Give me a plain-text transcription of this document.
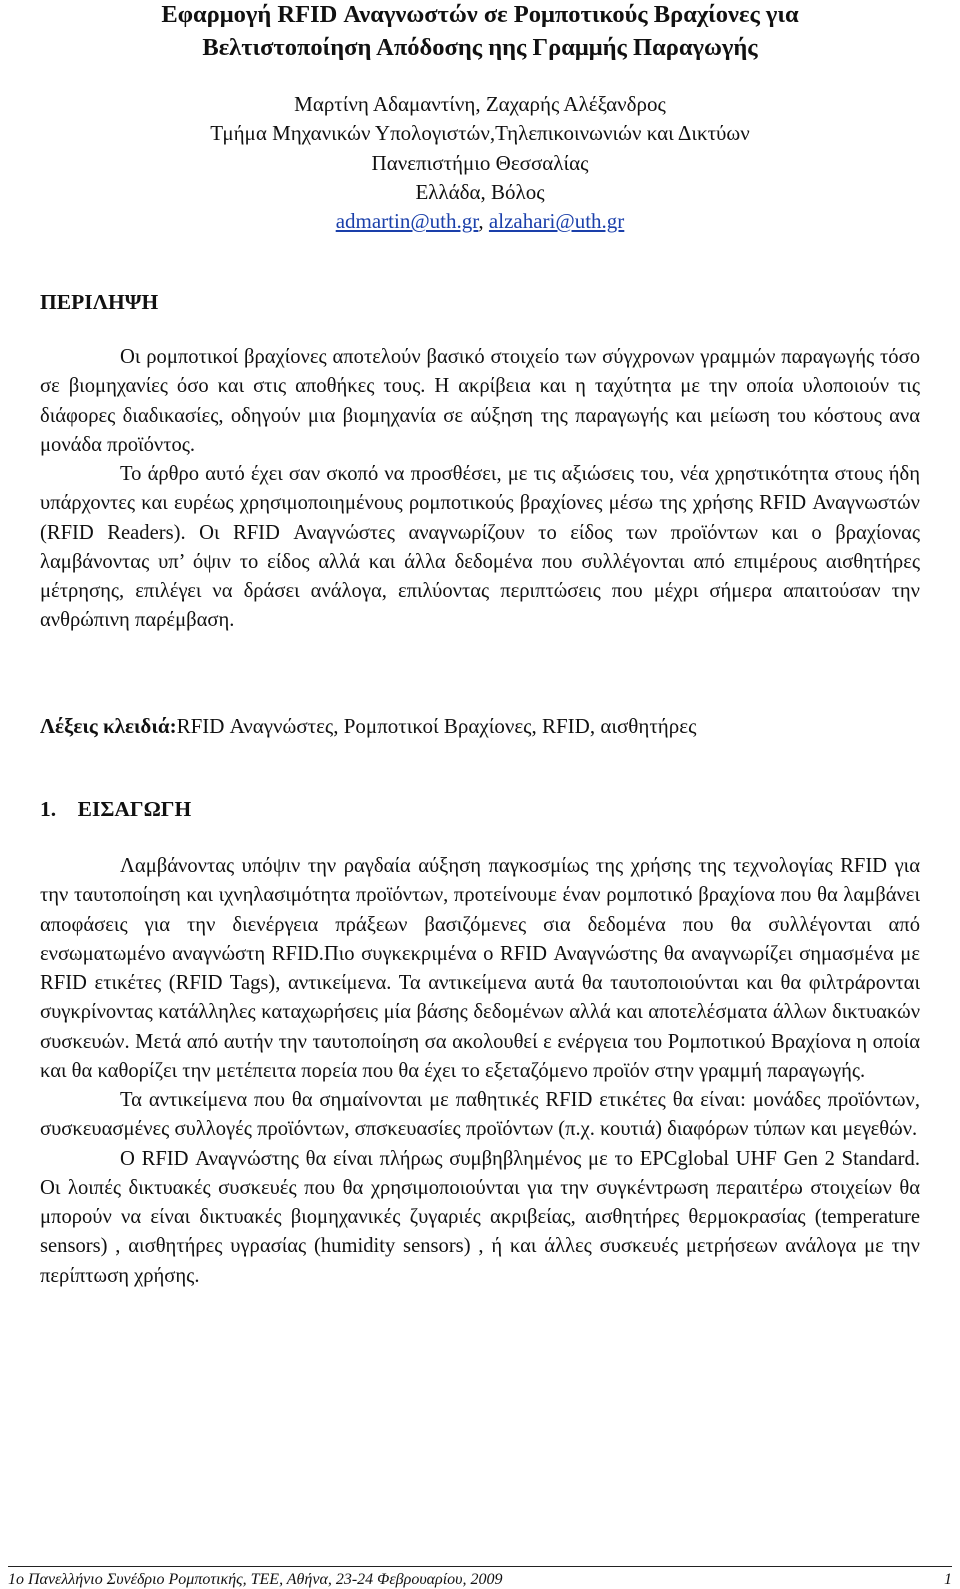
Εφαρμογή RFID Αναγνωστών σε Ρομποτικούς Βραχίονες για
Βελτιστοποίηση Απόδοσης ηης Γραμμής Παραγωγής
Μαρτίνη Αδαμαντίνη, Ζαχαρής Αλέξανδρος
Τμήμα Μηχανικών Υπολογιστών,Τηλεπικοινωνιών και Δικτύων
Πανεπιστήμιο Θεσσαλίας
Ελλάδα, Βόλος
admartin@uth.gr, alzahari@uth.gr
ΠΕΡΙΛΗΨΗ

Οι ρομποτικοί βραχίονες αποτελούν βασικό στοιχείο των σύγχρονων γραμμών παραγωγής τόσο σε βιομηχανίες όσο και στις αποθήκες τους. Η ακρίβεια και η ταχύτητα με την οποία υλοποιούν τις διάφορες διαδικασίες, οδηγούν μια βιομηχανία σε αύξηση της παραγωγής και μείωση του κόστους ανα μονάδα προϊόντος.

Το άρθρο αυτό έχει σαν σκοπό να προσθέσει, με τις αξιώσεις του, νέα χρηστικότητα στους ήδη υπάρχοντες και ευρέως χρησιμοποιημένους ρομποτικούς βραχίονες μέσω της χρήσης RFID Αναγνωστών (RFID Readers). Οι RFID Αναγνώστες αναγνωρίζουν το είδος των προϊόντων και ο βραχίονας λαμβάνοντας υπ’ όψιν το είδος αλλά και άλλα δεδομένα που συλλέγονται από επιμέρους αισθητήρες μέτρησης, επιλέγει να δράσει ανάλογα, επιλύοντας περιπτώσεις που μέχρι σήμερα απαιτούσαν την ανθρώπινη παρέμβαση.

Λέξεις κλειδιά:RFID Αναγνώστες, Ρομποτικοί Βραχίονες, RFID, αισθητήρες
1.    ΕΙΣΑΓΩΓΗ

Λαμβάνοντας υπόψιν την ραγδαία αύξηση παγκοσμίως της χρήσης της τεχνολογίας RFID για την ταυτοποίηση και ιχνηλασιμότητα προϊόντων, προτείνουμε έναν ρομποτικό βραχίονα που θα λαμβάνει αποφάσεις για την διενέργεια πράξεων βασιζόμενες σια δεδομένα που θα συλλέγονται από ενσωματωμένο αναγνώστη RFID.Πιο συγκεκριμένα ο RFID Αναγνώστης θα αναγνωρίζει σημασμένα με RFID ετικέτες (RFID Tags), αντικείμενα. Τα αντικείμενα αυτά θα ταυτοποιούνται και θα φιλτράρονται συγκρίνοντας κατάλληλες καταχωρήσεις μία βάσης δεδομένων αλλά και αποτελέσματα άλλων δικτυακών συσκευών. Μετά από αυτήν την ταυτοποίηση σα ακολουθεί ε ενέργεια του Ρομποτικού Βραχίονα η οποία και θα καθορίζει την μετέπειτα πορεία που θα έχει το εξεταζόμενο προϊόν στην γραμμή παραγωγής.

Τα αντικείμενα που θα σημαίνονται με παθητικές RFID ετικέτες θα είναι: μονάδες προϊόντων, συσκευασμένες συλλογές προϊόντων, σπσκευασίες προϊόντων (π.χ. κουτιά) διαφόρων τύπων και μεγεθών.

Ο RFID Αναγνώστης θα είναι πλήρως συμβηβλημένος με το EPCglobal UHF Gen 2 Standard. Οι λοιπές δικτυακές συσκευές που θα χρησιμοποιούνται για την συγκέντρωση περαιτέρω στοιχείων θα μπορούν να είναι δικτυακές βιομηχανικές ζυγαριές ακριβείας, αισθητήρες θερμοκρασίας (temperature sensors) , αισθητήρες υγρασίας (humidity sensors) , ή και άλλες συσκευές μετρήσεων ανάλογα με την περίπτωση χρήσης.

1ο Πανελλήνιο Συνέδριο Ρομποτικής, ΤΕΕ, Αθήνα, 23-24 Φεβρουαρίου, 2009	1
